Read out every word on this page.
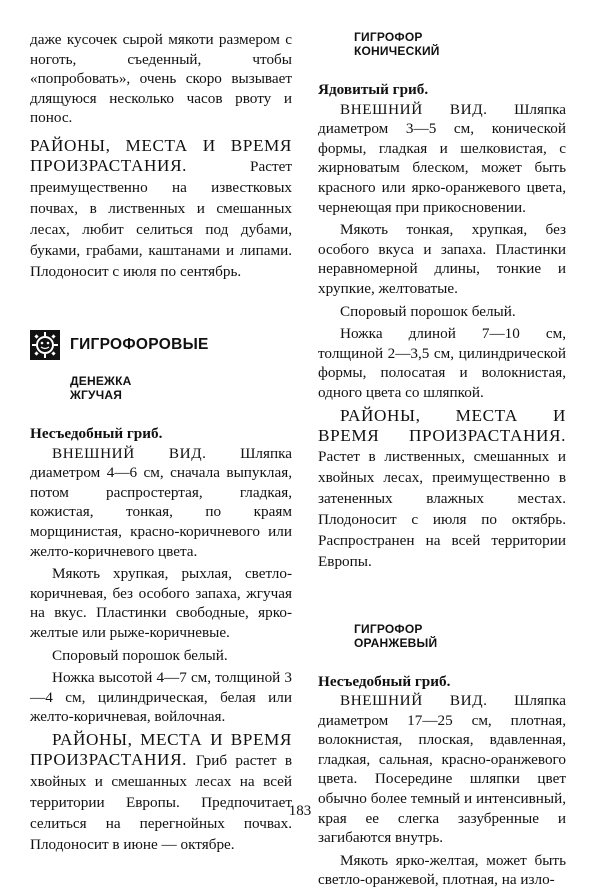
даже кусочек сырой мякоти размером с ноготь, съеденный, чтобы «попробовать», очень скоро вызывает длящуюся несколько часов рвоту и понос.

РАЙОНЫ, МЕСТА И ВРЕМЯ ПРОИЗРАСТАНИЯ.	Растет преимущественно на известковых почвах, в лиственных и смешанных лесах, любит селиться под дубами, буками, грабами, каштанами и липами. Плодоносит с июля по сентябрь.

ГИГРОФОРОВЫЕ
ДЕНЕЖКА
ЖГУЧАЯ
Несъедобный гриб.

ВНЕШНИЙ ВИД. Шляпка диаметром 4—6 см, сначала выпуклая, потом распростертая, гладкая, кожистая, тонкая, по краям морщинистая, красно-коричневого или желто-коричневого цвета.

Мякоть хрупкая, рыхлая, светло-коричневая, без особого запаха, жгучая на вкус. Пластинки свободные, ярко-желтые или рыже-коричневые.

Споровый порошок белый.

Ножка высотой 4—7 см, толщиной 3—4 см, цилиндрическая, белая или желто-коричневая, войлочная.

РАЙОНЫ, МЕСТА И ВРЕМЯ ПРОИЗРАСТАНИЯ. Гриб растет в хвойных и смешанных лесах на всей территории Европы. Предпочитает селиться на перегнойных почвах. Плодоносит в июне — октябре.

ГИГРОФОР
КОНИЧЕСКИЙ
Ядовитый гриб.

ВНЕШНИЙ ВИД. Шляпка диаметром 3—5 см, конической формы, гладкая и шелковистая, с жирноватым блеском, может быть красного или ярко-оранжевого цвета, чернеющая при прикосновении.

Мякоть тонкая, хрупкая, без особого вкуса и запаха. Пластинки неравномерной длины, тонкие и хрупкие, желтоватые.

Споровый порошок белый.

Ножка длиной 7—10 см, толщиной 2—3,5 см, цилиндрической формы, полосатая и волокнистая, одного цвета со шляпкой.

РАЙОНЫ, МЕСТА И ВРЕМЯ ПРОИЗРАСТАНИЯ. Растет в лиственных, смешанных и хвойных лесах, преимущественно в затененных влажных местах. Плодоносит с июля по октябрь. Распространен на всей территории Европы.

ГИГРОФОР
ОРАНЖЕВЫЙ
Несъедобный гриб.

ВНЕШНИЙ ВИД. Шляпка диаметром 17—25 см, плотная, волокнистая, плоская, вдавленная, гладкая, сальная, красно-оранжевого цвета. Посередине шляпки цвет обычно более темный и интенсивный, края ее слегка зазубренные и загибаются внутрь.

Мякоть ярко-желтая, может быть светло-оранжевой, плотная, на изло-

183
